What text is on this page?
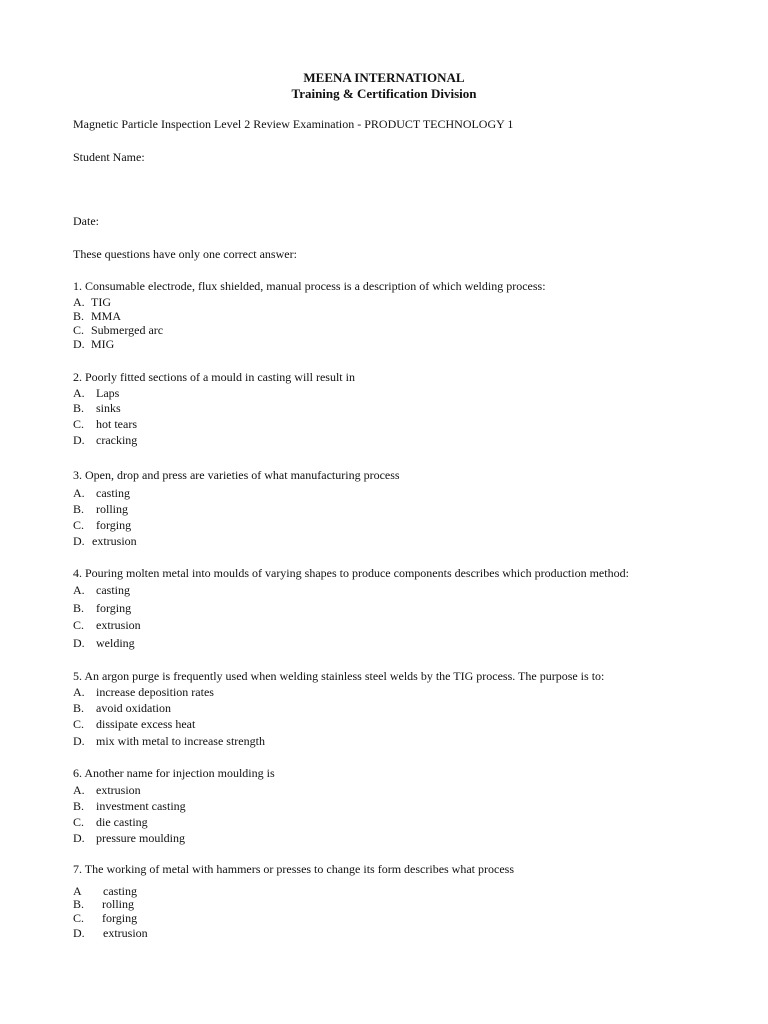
MEENA INTERNATIONAL
Training & Certification Division
Magnetic Particle Inspection Level 2 Review Examination - PRODUCT TECHNOLOGY 1
Student Name:
Date:
These questions have only one correct answer:
1. Consumable electrode, flux shielded, manual process is a description of which welding process:
A. TIG
B. MMA
C. Submerged arc
D. MIG
2. Poorly fitted sections of a mould in casting will result in
A. Laps
B. sinks
C. hot tears
D. cracking
3. Open, drop and press are varieties of what manufacturing process
A. casting
B. rolling
C. forging
D. extrusion
4. Pouring molten metal into moulds of varying shapes to produce components describes which production method:
A. casting
B. forging
C. extrusion
D. welding
5. An argon purge is frequently used when welding stainless steel welds by the TIG process. The purpose is to:
A. increase deposition rates
B. avoid oxidation
C. dissipate excess heat
D. mix with metal to increase strength
6. Another name for injection moulding is
A. extrusion
B. investment casting
C. die casting
D. pressure moulding
7. The working of metal with hammers or presses to change its form describes what process
A casting
B. rolling
C. forging
D. extrusion
